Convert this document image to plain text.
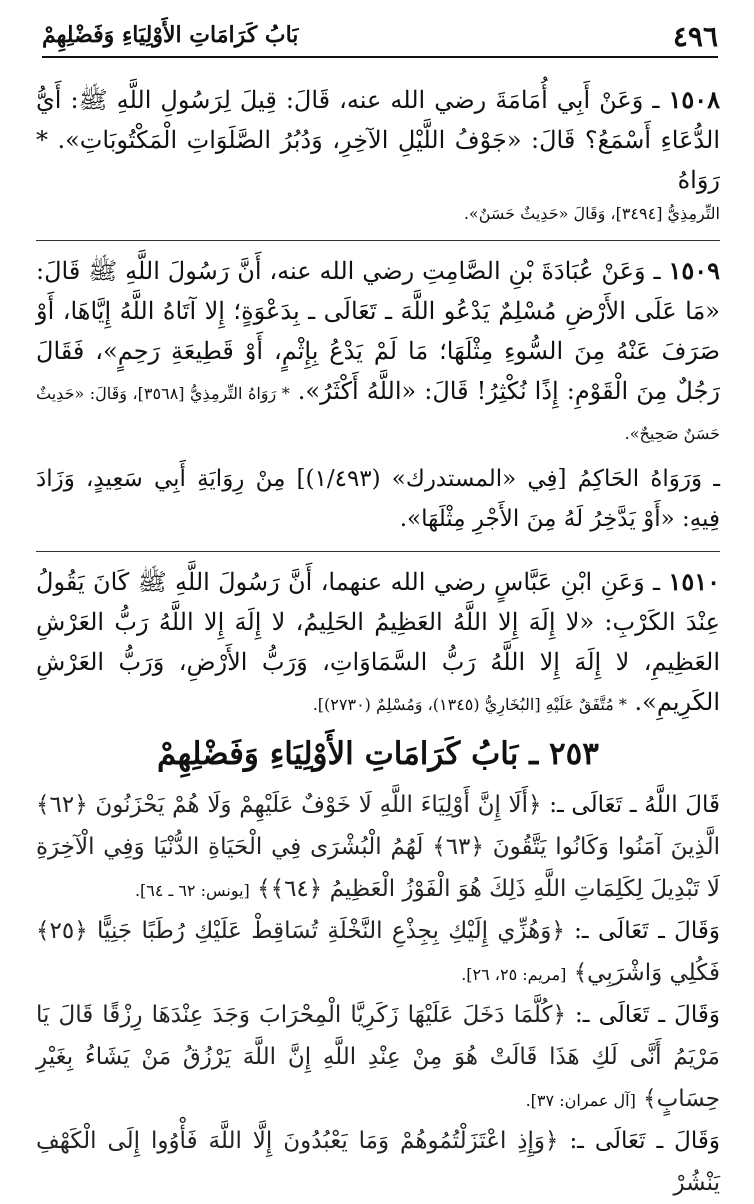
٤٩٦
بَابُ كَرَامَاتِ الأَوْلِيَاءِ وَفَضْلِهِمْ

١٥٠٨ ـ وَعَنْ أَبِي أُمَامَةَ رضي الله عنه، قَالَ: قِيلَ لِرَسُولِ اللَّهِ ﷺ: أَيُّ الدُّعَاءِ أَسْمَعُ؟ قَالَ: «جَوْفُ اللَّيْلِ الآخِرِ، وَدُبُرُ الصَّلَوَاتِ الْمَكْتُوبَاتِ». * رَوَاهُ

التِّرمِذِيُّ [٣٤٩٤]، وَقَالَ «حَدِيثٌ حَسَنٌ».

١٥٠٩ ـ وَعَنْ عُبَادَةَ بْنِ الصَّامِتِ رضي الله عنه، أَنَّ رَسُولَ اللَّهِ ﷺ قَالَ: «مَا عَلَى الأَرْضِ مُسْلِمٌ يَدْعُو اللَّهَ ـ تَعَالَى ـ بِدَعْوَةٍ؛ إِلا آتَاهُ اللَّهُ إِيَّاهَا، أَوْ صَرَفَ عَنْهُ مِنَ السُّوءِ مِثْلَهَا؛ مَا لَمْ يَدْعُ بِإِثْمٍ، أَوْ قَطِيعَةِ رَحِمٍ»، فَقَالَ رَجُلٌ مِنَ الْقَوْمِ: إِذًا نُكْثِرُ! قَالَ: «اللَّهُ أَكْثَرُ». * رَوَاهُ التِّرمِذِيُّ [٣٥٦٨]، وَقَالَ: «حَدِيثٌ حَسَنٌ صَحِيحٌ».

ـ وَرَوَاهُ الحَاكِمُ [فِي «المستدرك» (١/٤٩٣)] مِنْ رِوَايَةِ أَبِي سَعِيدٍ، وَزَادَ فِيهِ: «أَوْ يَدَّخِرُ لَهُ مِنَ الأَجْرِ مِثْلَهَا».

١٥١٠ ـ وَعَنِ ابْنِ عَبَّاسٍ رضي الله عنهما، أَنَّ رَسُولَ اللَّهِ ﷺ كَانَ يَقُولُ عِنْدَ الكَرْبِ: «لا إِلَهَ إِلا اللَّهُ العَظِيمُ الحَلِيمُ، لا إِلَهَ إِلا اللَّهُ رَبُّ العَرْشِ العَظِيمِ، لا إِلَهَ إِلا اللَّهُ رَبُّ السَّمَاوَاتِ، وَرَبُّ الأَرْضِ، وَرَبُّ العَرْشِ الكَرِيمِ». * مُتَّفَقٌ عَلَيْهِ [البُخَارِيُّ (١٣٤٥)، وَمُسْلِمٌ (٢٧٣٠)].

٢٥٣ ـ بَابُ كَرَامَاتِ الأَوْلِيَاءِ وَفَضْلِهِمْ

قَالَ اللَّهُ ـ تَعَالَى ـ: ﴿أَلَا إِنَّ أَوْلِيَاءَ اللَّهِ لَا خَوْفٌ عَلَيْهِمْ وَلَا هُمْ يَحْزَنُونَ ﴿٦٢﴾ الَّذِينَ آمَنُوا وَكَانُوا يَتَّقُونَ ﴿٦٣﴾ لَهُمُ الْبُشْرَى فِي الْحَيَاةِ الدُّنْيَا وَفِي الْآخِرَةِ لَا تَبْدِيلَ لِكَلِمَاتِ اللَّهِ ذَلِكَ هُوَ الْفَوْزُ الْعَظِيمُ ﴿٦٤﴾﴾ [يونس: ٦٢ ـ ٦٤].

وَقَالَ ـ تَعَالَى ـ: ﴿وَهُزِّي إِلَيْكِ بِجِذْعِ النَّخْلَةِ تُسَاقِطْ عَلَيْكِ رُطَبًا جَنِيًّا ﴿٢٥﴾ فَكُلِي وَاشْرَبِي﴾ [مريم: ٢٥، ٢٦].

وَقَالَ ـ تَعَالَى ـ: ﴿كُلَّمَا دَخَلَ عَلَيْهَا زَكَرِيَّا الْمِحْرَابَ وَجَدَ عِنْدَهَا رِزْقًا قَالَ يَا مَرْيَمُ أَنَّى لَكِ هَذَا قَالَتْ هُوَ مِنْ عِنْدِ اللَّهِ إِنَّ اللَّهَ يَرْزُقُ مَنْ يَشَاءُ بِغَيْرِ حِسَابٍ﴾ [آل عمران: ٣٧].

وَقَالَ ـ تَعَالَى ـ: ﴿وَإِذِ اعْتَزَلْتُمُوهُمْ وَمَا يَعْبُدُونَ إِلَّا اللَّهَ فَأْوُوا إِلَى الْكَهْفِ يَنْشُرْ
